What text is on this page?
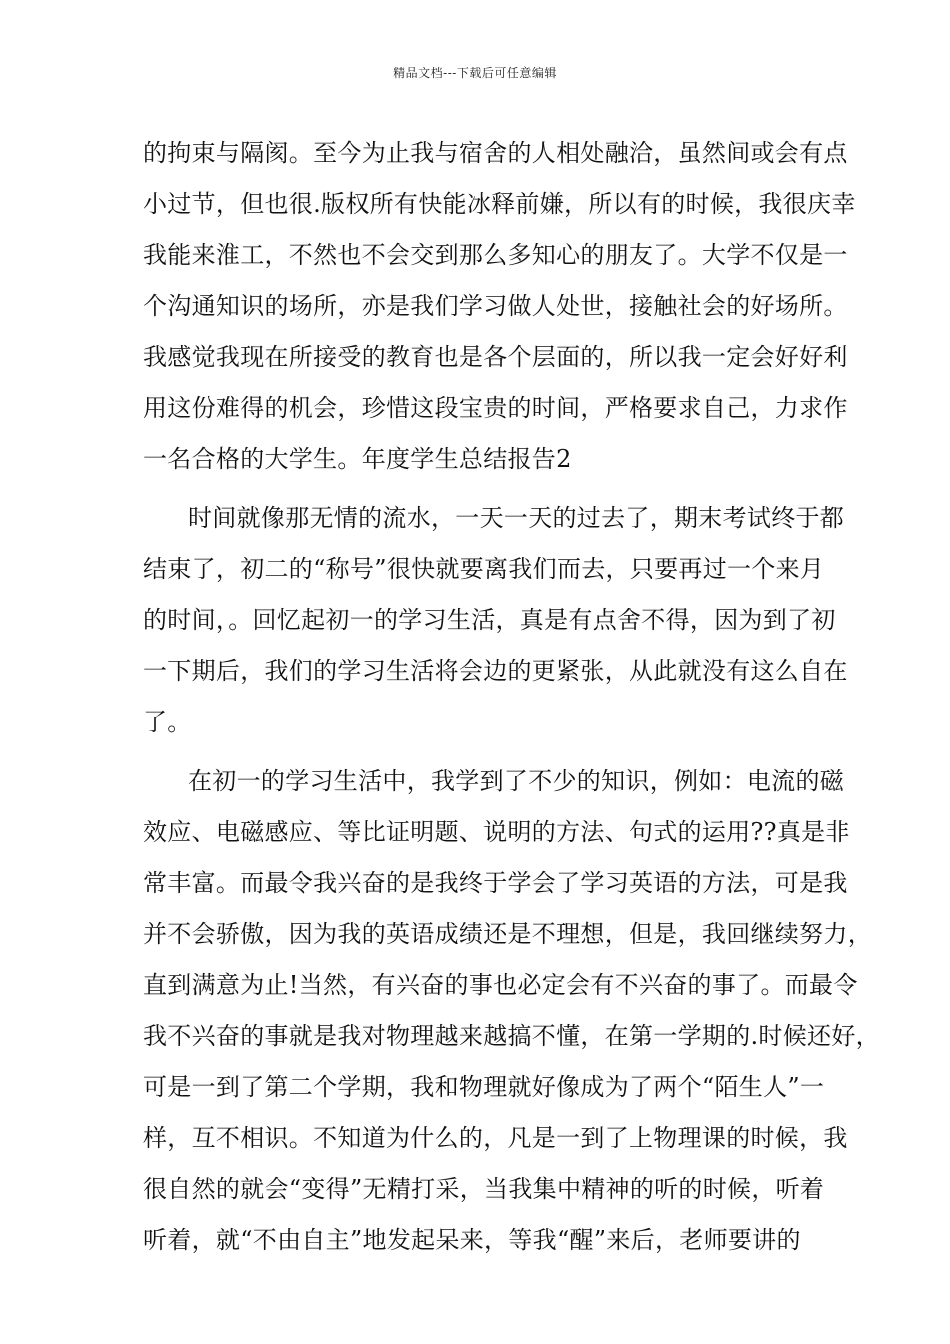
精品文档---下载后可任意编辑
的拘束与隔阂。至今为止我与宿舍的人相处融洽，虽然间或会有点
小过节，但也很.版权所有快能冰释前嫌，所以有的时候，我很庆幸
我能来淮工，不然也不会交到那么多知心的朋友了。大学不仅是一
个沟通知识的场所，亦是我们学习做人处世，接触社会的好场所。
我感觉我现在所接受的教育也是各个层面的，所以我一定会好好利
用这份难得的机会，珍惜这段宝贵的时间，严格要求自己，力求作
一名合格的大学生。年度学生总结报告2
时间就像那无情的流水，一天一天的过去了，期末考试终于都
结束了，初二的“称号”很快就要离我们而去，只要再过一个来月
的时间，。回忆起初一的学习生活，真是有点舍不得，因为到了初
一下期后，我们的学习生活将会边的更紧张，从此就没有这么自在
了。
在初一的学习生活中，我学到了不少的知识，例如：电流的磁
效应、电磁感应、等比证明题、说明的方法、句式的运用??真是非
常丰富。而最令我兴奋的是我终于学会了学习英语的方法，可是我
并不会骄傲，因为我的英语成绩还是不理想，但是，我回继续努力，
直到满意为止!当然，有兴奋的事也必定会有不兴奋的事了。而最令
我不兴奋的事就是我对物理越来越搞不懂，在第一学期的.时候还好，
可是一到了第二个学期，我和物理就好像成为了两个“陌生人”一
样，互不相识。不知道为什么的，凡是一到了上物理课的时候，我
很自然的就会“变得”无精打采，当我集中精神的听的时候，听着
听着，就“不由自主”地发起呆来，等我“醒”来后，老师要讲的
